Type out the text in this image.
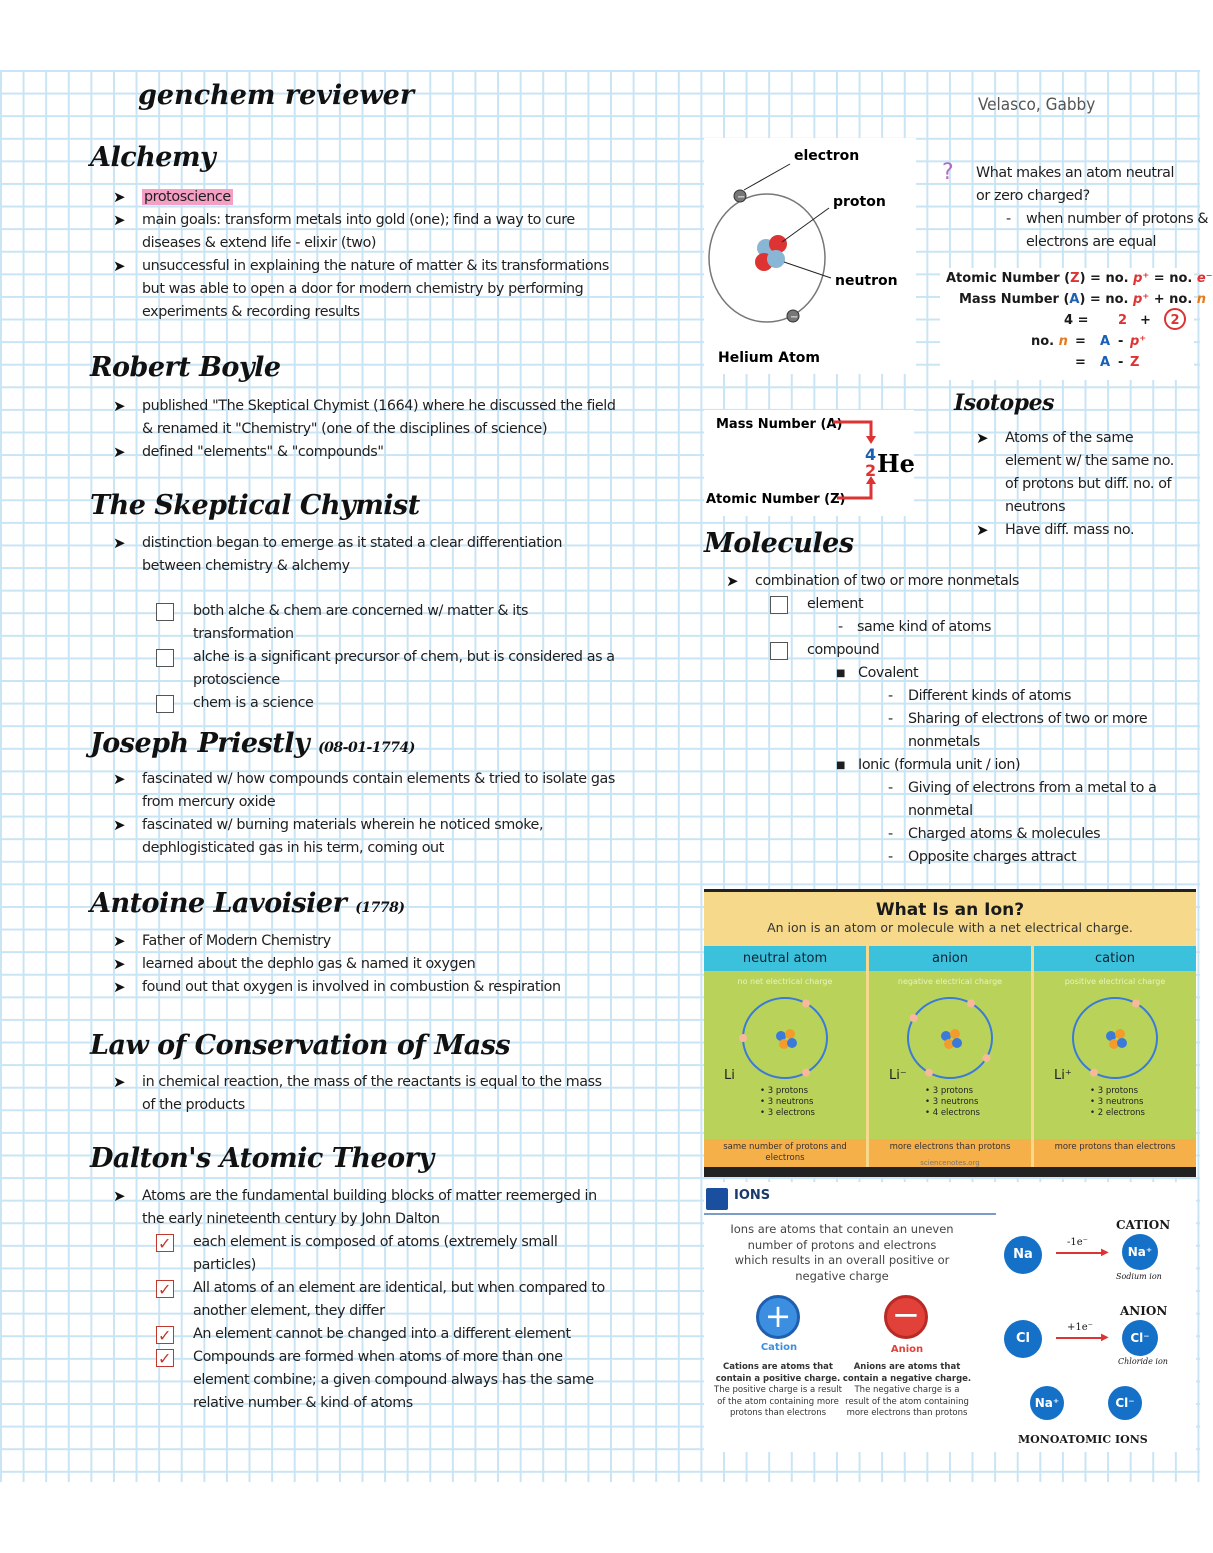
genchem reviewer	Velasco, Gabby
Alchemy
➤ protoscience
➤ main goals: transform metals into gold (one); find a way to cure diseases & extend life - elixir (two)
➤ unsuccessful in explaining the nature of matter & its transformations but was able to open a door for modern chemistry by performing experiments & recording results
Robert Boyle
➤ published "The Skeptical Chymist (1664) where he discussed the field & renamed it "Chemistry" (one of the disciplines of science)
➤ defined "elements" & "compounds"
The Skeptical Chymist
➤ distinction began to emerge as it stated a clear differentiation between chemistry & alchemy
both alche & chem are concerned w/ matter & its transformation
alche is a significant precursor of chem, but is considered as a protoscience
chem is a science
Joseph Priestly (08-01-1774)
➤ fascinated w/ how compounds contain elements & tried to isolate gas from mercury oxide
➤ fascinated w/ burning materials wherein he noticed smoke, dephlogisticated gas in his term, coming out
Antoine Lavoisier (1778)
➤ Father of Modern Chemistry
➤ learned about the dephlo gas & named it oxygen
➤ found out that oxygen is involved in combustion & respiration
Law of Conservation of Mass
➤ in chemical reaction, the mass of the reactants is equal to the mass of the products
Dalton's Atomic Theory
➤ Atoms are the fundamental building blocks of matter reemerged in the early nineteenth century by John Dalton
✓
each element is composed of atoms (extremely small particles)
✓
All atoms of an element are identical, but when compared to another element, they differ
✓
An element cannot be changed into a different element
✓
Compounds are formed when atoms of more than one element combine; a given compound always has the same relative number & kind of atoms
−
−
electron
proton
neutron
Helium Atom
? What makes an atom neutral or zero charged?
- when number of protons & electrons are equal
Atomic Number (Z) = no. p⁺ = no. e⁻
Mass Number (A) = no. p⁺ + no. n
4 = 2 +	2
no. n = A - p⁺
= A - Z
Mass Number (A)
Atomic Number (Z)
4
2 He
Isotopes
➤ Atoms of the same element w/ the same no. of protons but diff. no. of neutrons
➤ Have diff. mass no.
Molecules
➤ combination of two or more nonmetals
element
- same kind of atoms
compound
■ Covalent
- Different kinds of atoms
- Sharing of electrons of two or more nonmetals
■ Ionic (formula unit / ion)
- Giving of electrons from a metal to a nonmetal
- Charged atoms & molecules
- Opposite charges attract
What Is an Ion?
An ion is an atom or molecule with a net electrical charge.
neutral atom
no net electrical charge
Li
• 3 protons
• 3 neutrons
• 3 electrons
same number of protons and electrons
anion
negative electrical charge
Li⁻
• 3 protons
• 3 neutrons
• 4 electrons
more electrons than protons
cation
positive electrical charge
Li⁺
• 3 protons
• 3 neutrons
• 2 electrons
more protons than electrons
sciencenotes.org
IONS
Ions are atoms that contain an uneven number of protons and electrons which results in an overall positive or negative charge
+
Cation
Cations are atoms that contain a positive charge. The positive charge is a result of the atom containing more protons than electrons
−
Anion
Anions are atoms that contain a negative charge. The negative charge is a result of the atom containing more electrons than protons
CATION
Na
-1e⁻
▶	Na⁺
Sodium ion
ANION
Cl
+1e⁻
▶	Cl⁻
Chloride ion
Na⁺	Cl⁻
MONOATOMIC IONS
